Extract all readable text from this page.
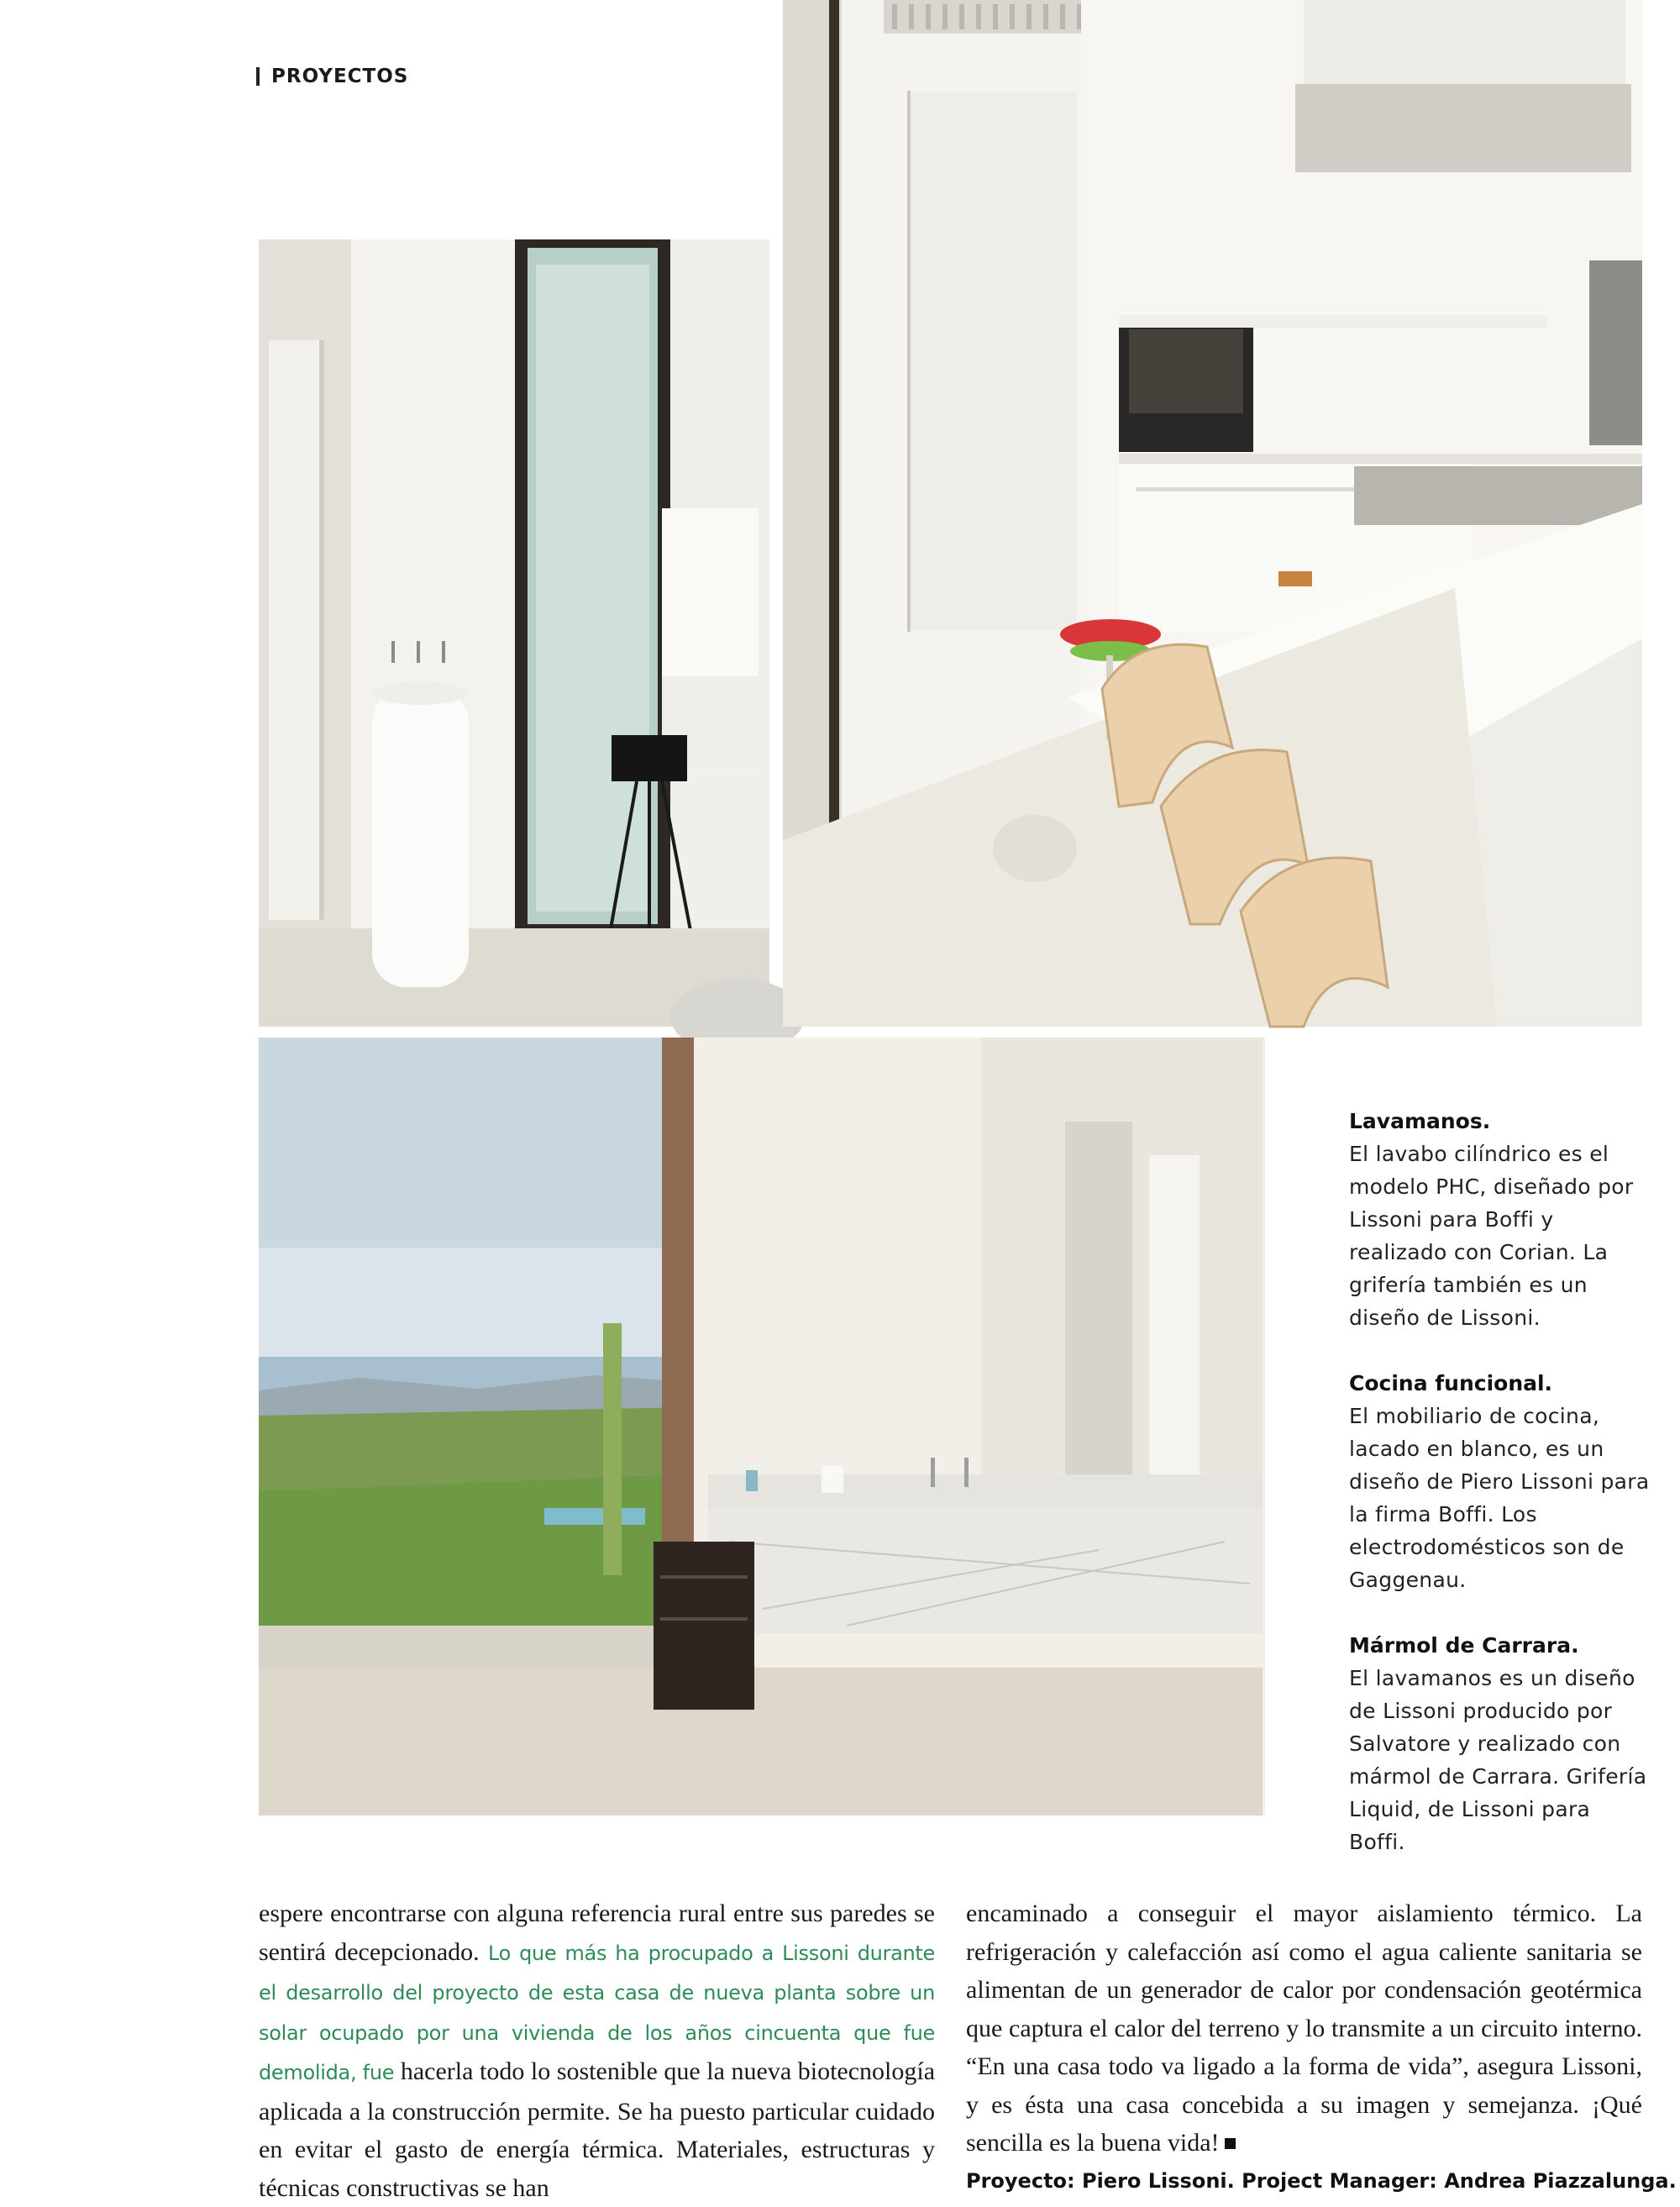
PROYECTOS
Lavamanos.
El lavabo cilíndrico es el modelo PHC, diseñado por Lissoni para Boffi y realizado con Corian. La grifería también es un diseño de Lissoni.
Cocina funcional.
El mobiliario de cocina, lacado en blanco, es un diseño de Piero Lissoni para la firma Boffi. Los electrodomésticos son de Gaggenau.
Mármol de Carrara.
El lavamanos es un diseño de Lissoni producido por Salvatore y realizado con mármol de Carrara. Grifería Liquid, de Lissoni para Boffi.
espere encontrarse con alguna referencia rural entre sus paredes se sentirá decepcionado. Lo que más ha procupado a Lissoni durante el desarrollo del proyecto de esta casa de nueva planta sobre un solar ocupado por una vivienda de los años cincuenta que fue demolida, fue hacerla todo lo sostenible que la nueva biotecnología aplicada a la construcción permite. Se ha puesto particular cuidado en evitar el gasto de energía térmica. Materiales, estructuras y técnicas constructivas se han
encaminado a conseguir el mayor aislamiento térmico. La refrigeración y calefacción así como el agua caliente sanitaria se alimentan de un generador de calor por condensación geotérmica que captura el calor del terreno y lo transmite a un circuito interno. “En una casa todo va ligado a la forma de vida”, asegura Lissoni, y es ésta una casa concebida a su imagen y semejanza. ¡Qué sencilla es la buena vida!
Proyecto: Piero Lissoni. Project Manager: Andrea Piazzalunga.
